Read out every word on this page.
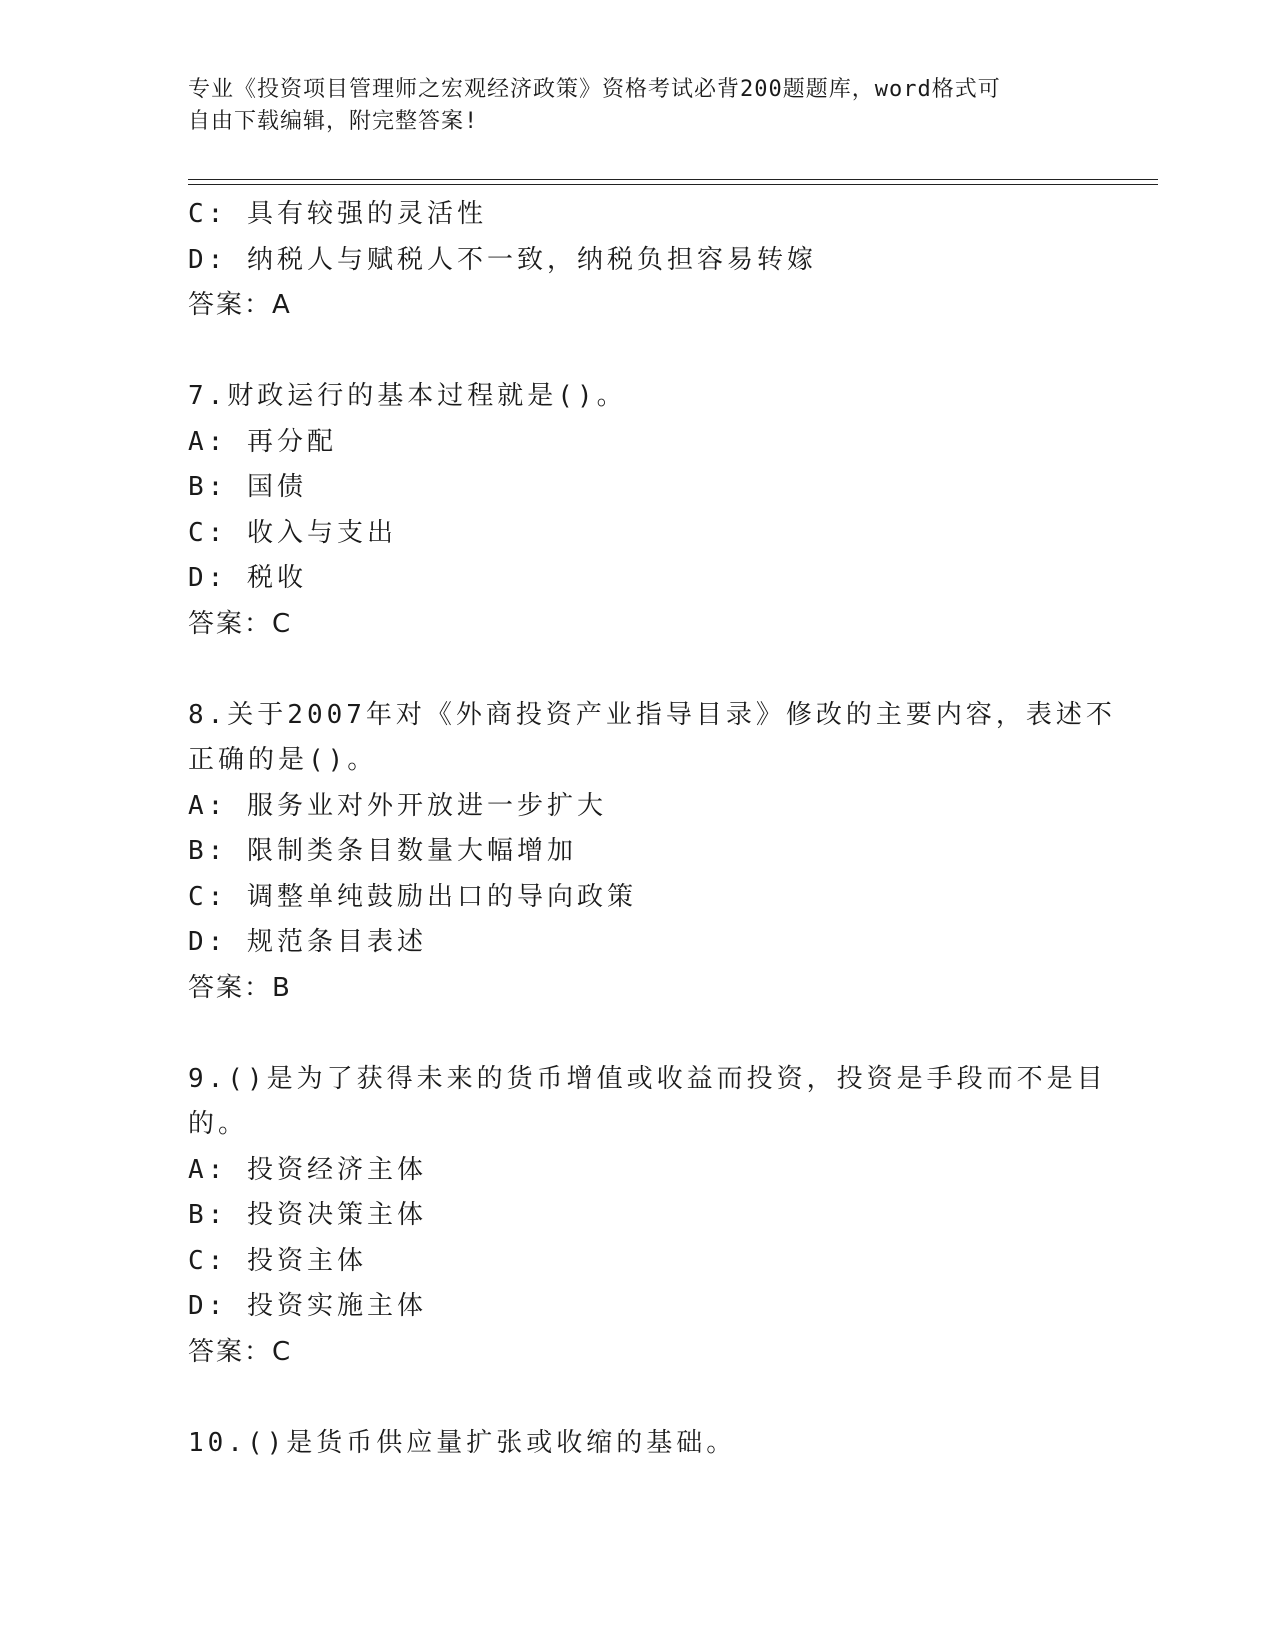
专业《投资项目管理师之宏观经济政策》资格考试必背200题题库，word格式可
自由下载编辑，附完整答案!
C: 具有较强的灵活性
D: 纳税人与赋税人不一致，纳税负担容易转嫁
答案：A
7.财政运行的基本过程就是()。
A: 再分配
B: 国债
C: 收入与支出
D: 税收
答案：C
8.关于2007年对《外商投资产业指导目录》修改的主要内容，表述不
正确的是()。
A: 服务业对外开放进一步扩大
B: 限制类条目数量大幅增加
C: 调整单纯鼓励出口的导向政策
D: 规范条目表述
答案：B
9.()是为了获得未来的货币增值或收益而投资，投资是手段而不是目
的。
A: 投资经济主体
B: 投资决策主体
C: 投资主体
D: 投资实施主体
答案：C
10.()是货币供应量扩张或收缩的基础。
